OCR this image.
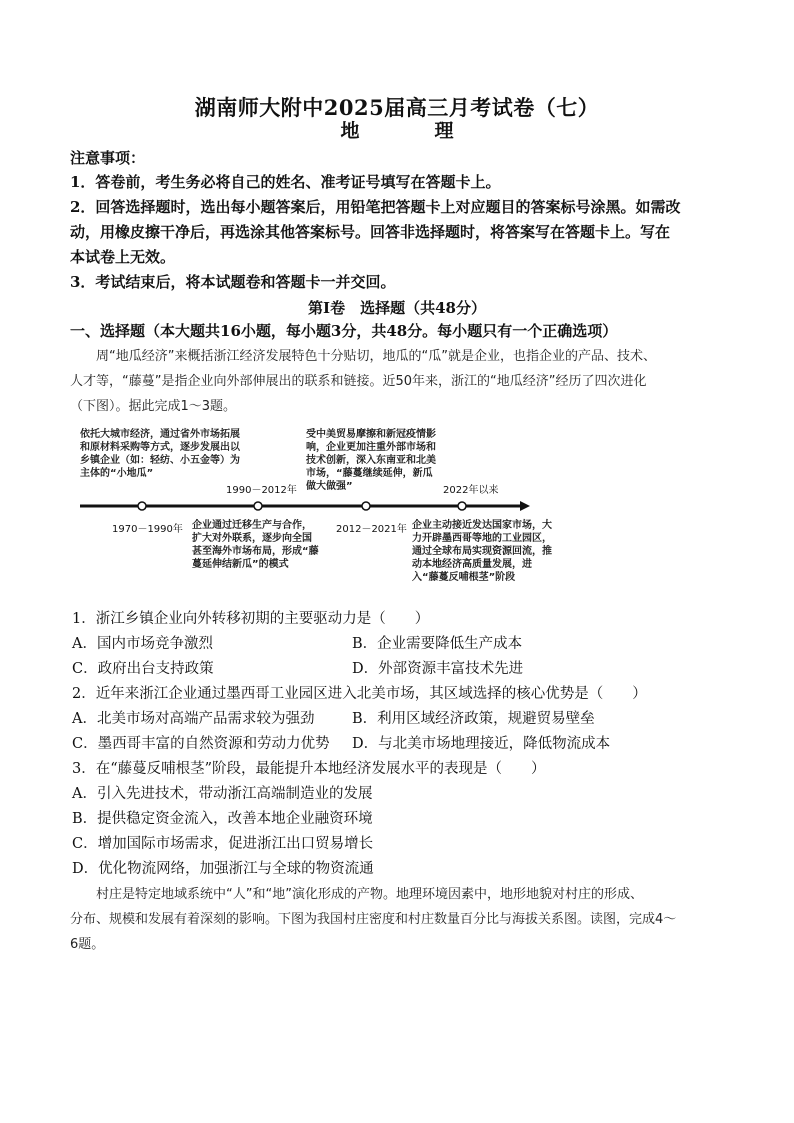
湖南师大附中2025届高三月考试卷（七）
地　理
注意事项：
1．答卷前，考生务必将自己的姓名、准考证号填写在答题卡上。
2．回答选择题时，选出每小题答案后，用铅笔把答题卡上对应题目的答案标号涂黑。如需改
动，用橡皮擦干净后，再选涂其他答案标号。回答非选择题时，将答案写在答题卡上。写在
本试卷上无效。
3．考试结束后，将本试题卷和答题卡一并交回。
第Ⅰ卷　选择题（共48分）
一、选择题（本大题共16小题，每小题3分，共48分。每小题只有一个正确选项）
　　周“地瓜经济”来概括浙江经济发展特色十分贴切，地瓜的“瓜”就是企业，也指企业的产品、技术、
人才等，“藤蔓”是指企业向外部伸展出的联系和链接。近50年来，浙江的“地瓜经济”经历了四次进化
（下图）。据此完成1～3题。
依托大城市经济，通过省外市场拓展和原材料采购等方式，逐步发展出以乡镇企业（如：轻纺、小五金等）为主体的“小地瓜”
企业通过迁移生产与合作，扩大对外联系，逐步向全国甚至海外市场布局，形成“藤蔓延伸结新瓜”的模式
受中美贸易摩擦和新冠疫情影响，企业更加注重外部市场和技术创新，深入东南亚和北美市场，“藤蔓继续延伸，新瓜做大做强”
企业主动接近发达国家市场，大力开辟墨西哥等地的工业园区，通过全球布局实现资源回流，推动本地经济高质量发展，进入“藤蔓反哺根茎”阶段
1970－1990年
1990－2012年
2012－2021年
2022年以来
1．浙江乡镇企业向外转移初期的主要驱动力是（　　）
A．国内市场竞争激烈	B．企业需要降低生产成本
C．政府出台支持政策	D．外部资源丰富技术先进
2．近年来浙江企业通过墨西哥工业园区进入北美市场，其区域选择的核心优势是（　　）
A．北美市场对高端产品需求较为强劲	B．利用区域经济政策，规避贸易壁垒
C．墨西哥丰富的自然资源和劳动力优势 D．与北美市场地理接近，降低物流成本
3．在“藤蔓反哺根茎”阶段，最能提升本地经济发展水平的表现是（　　）
A．引入先进技术，带动浙江高端制造业的发展
B．提供稳定资金流入，改善本地企业融资环境
C．增加国际市场需求，促进浙江出口贸易增长
D．优化物流网络，加强浙江与全球的物资流通
　　村庄是特定地域系统中“人”和“地”演化形成的产物。地理环境因素中，地形地貌对村庄的形成、
分布、规模和发展有着深刻的影响。下图为我国村庄密度和村庄数量百分比与海拔关系图。读图，完成4～
6题。
